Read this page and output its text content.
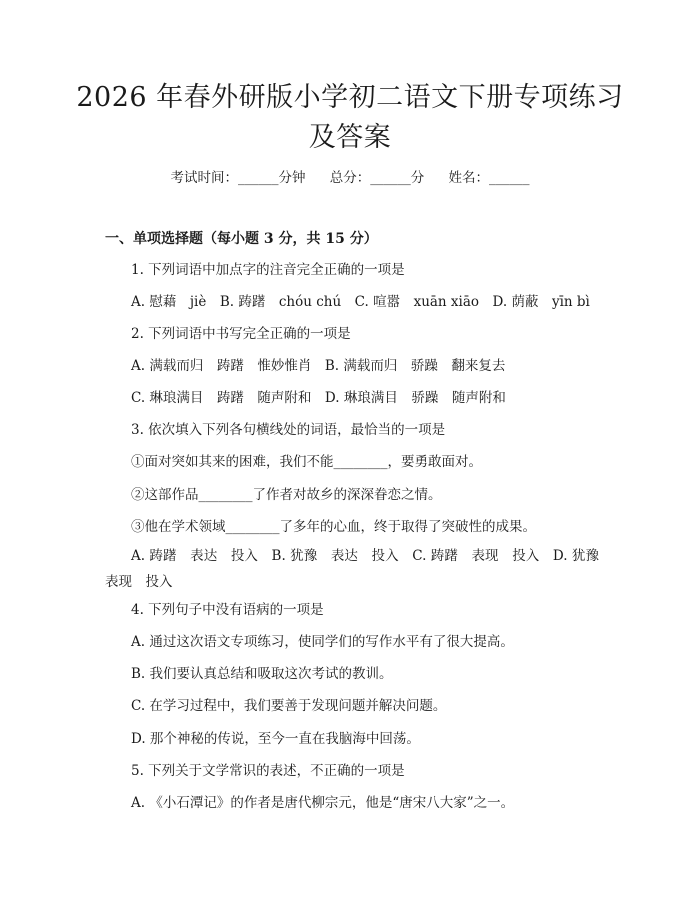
2026 年春外研版小学初二语文下册专项练习
及答案
考试时间：______分钟 总分：______分 姓名：______
一、单项选择题（每小题 3 分，共 15 分）
1. 下列词语中加点字的注音完全正确的一项是
A. 慰藉　jiè　B. 踌躇　chóu chú　C. 喧嚣　xuān xiāo　D. 荫蔽　yīn bì
2. 下列词语中书写完全正确的一项是
A. 满载而归　踌躇　惟妙惟肖　B. 满载而归　骄躁　翻来复去
C. 琳琅满目　踌躇　随声附和　D. 琳琅满目　骄躁　随声附和
3. 依次填入下列各句横线处的词语，最恰当的一项是
①面对突如其来的困难，我们不能________，要勇敢面对。
②这部作品________了作者对故乡的深深眷恋之情。
③他在学术领域________了多年的心血，终于取得了突破性的成果。
A. 踌躇　表达　投入　B. 犹豫　表达　投入　C. 踌躇　表现　投入　D. 犹豫　表现　投入
4. 下列句子中没有语病的一项是
A. 通过这次语文专项练习，使同学们的写作水平有了很大提高。
B. 我们要认真总结和吸取这次考试的教训。
C. 在学习过程中，我们要善于发现问题并解决问题。
D. 那个神秘的传说，至今一直在我脑海中回荡。
5. 下列关于文学常识的表述，不正确的一项是
A. 《小石潭记》的作者是唐代柳宗元，他是“唐宋八大家”之一。
